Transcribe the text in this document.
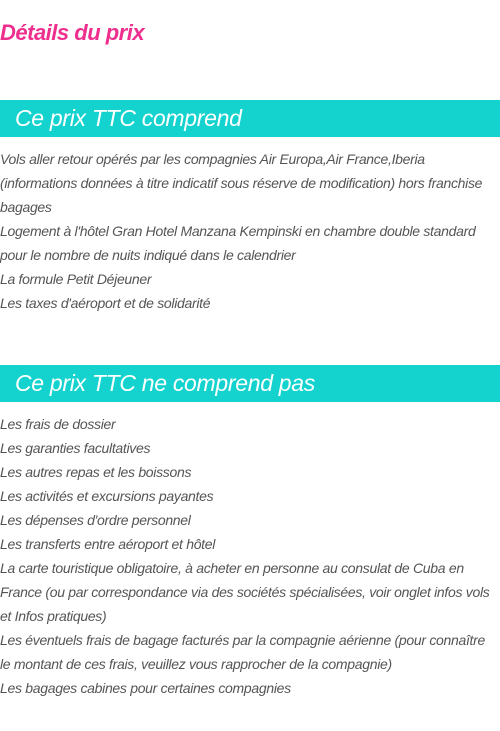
Détails du prix
Ce prix TTC comprend
Vols aller retour opérés par les compagnies Air Europa,Air France,Iberia (informations données à titre indicatif sous réserve de modification) hors franchise bagages
Logement à l'hôtel Gran Hotel Manzana Kempinski en chambre double standard pour le nombre de nuits indiqué dans le calendrier
La formule Petit Déjeuner
Les taxes d'aéroport et de solidarité
Ce prix TTC ne comprend pas
Les frais de dossier
Les garanties facultatives
Les autres repas et les boissons
Les activités et excursions payantes
Les dépenses d'ordre personnel
Les transferts entre aéroport et hôtel
La carte touristique obligatoire, à acheter en personne au consulat de Cuba en France (ou par correspondance via des sociétés spécialisées, voir onglet infos vols et Infos pratiques)
Les éventuels frais de bagage facturés par la compagnie aérienne (pour connaître le montant de ces frais, veuillez vous rapprocher de la compagnie)
Les bagages cabines pour certaines compagnies
